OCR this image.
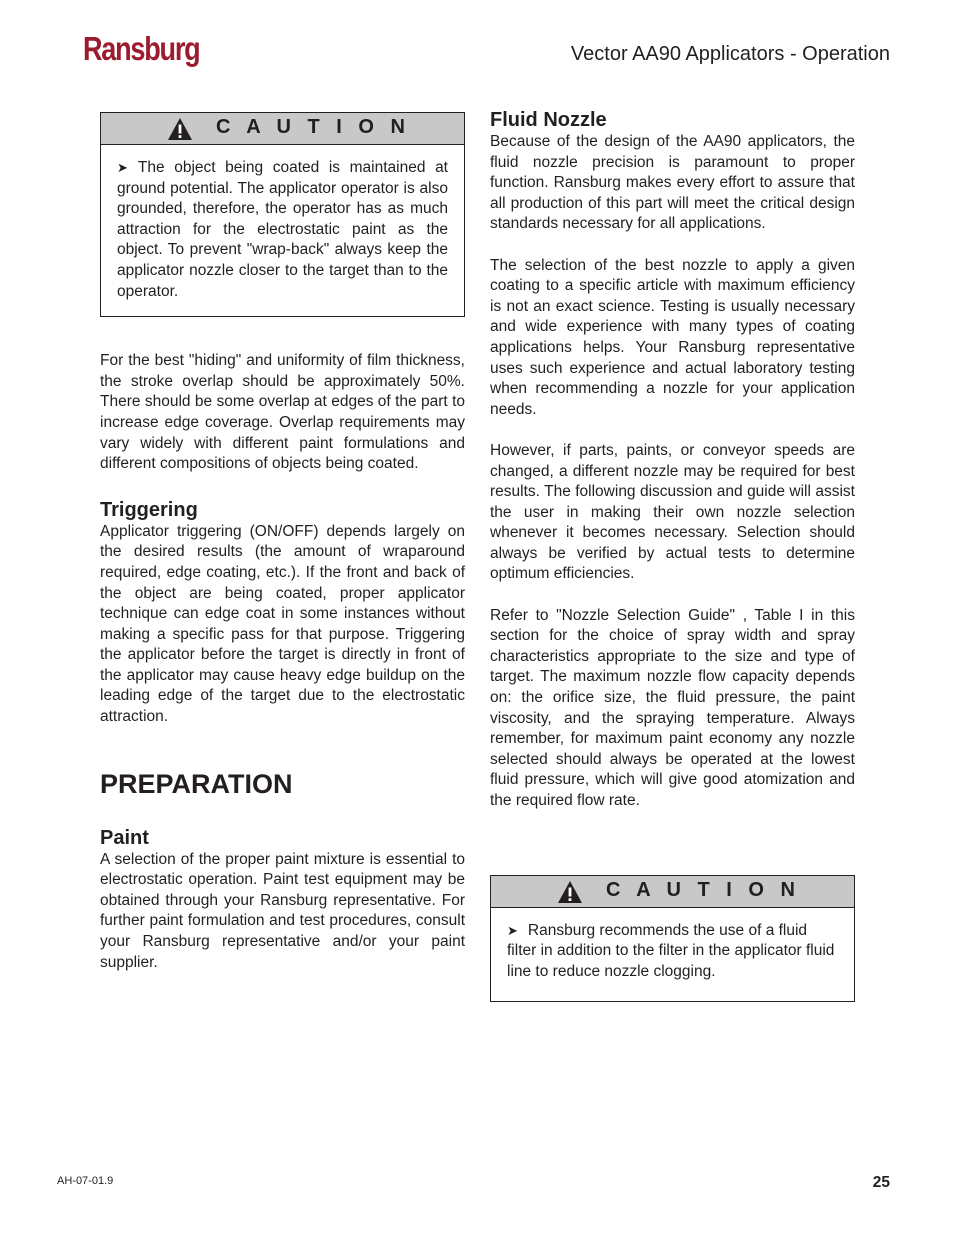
Ransburg	Vector AA90 Applicators - Operation
C A U T I O N

➤ The object being coated is maintained at ground potential. The applicator operator is also grounded, therefore, the operator has as much attraction for the electrostatic paint as the object. To prevent "wrap-back" always keep the applicator nozzle closer to the target than to the operator.

For the best "hiding" and uniformity of film thickness, the stroke overlap should be approximately 50%. There should be some overlap at edges of the part to increase edge coverage. Overlap requirements may vary widely with different paint formulations and different compositions of objects being coated.

Triggering

Applicator triggering (ON/OFF) depends largely on the desired results (the amount of wraparound required, edge coating, etc.). If the front and back of the object are being coated, proper applicator technique can edge coat in some instances without making a specific pass for that purpose. Triggering the applicator before the target is directly in front of the applicator may cause heavy edge buildup on the leading edge of the target due to the electrostatic attraction.

PREPARATION
Paint

A selection of the proper paint mixture is essential to electrostatic operation. Paint test equipment may be obtained through your Ransburg representative. For further paint formulation and test procedures, consult your Ransburg representative and/or your paint supplier.

Fluid Nozzle

Because of the design of the AA90 applicators, the fluid nozzle precision is paramount to proper function. Ransburg makes every effort to assure that all production of this part will meet the critical design standards necessary for all applications.

The selection of the best nozzle to apply a given coating to a specific article with maximum efficiency is not an exact science. Testing is usually necessary and wide experience with many types of coating applications helps. Your Ransburg representative uses such experience and actual laboratory testing when recommending a nozzle for your application needs.

However, if parts, paints, or conveyor speeds are changed, a different nozzle may be required for best results. The following discussion and guide will assist the user in making their own nozzle selection whenever it becomes necessary. Selection should always be verified by actual tests to determine optimum efficiencies.

Refer to "Nozzle Selection Guide" , Table I in this section for the choice of spray width and spray characteristics appropriate to the size and type of target. The maximum nozzle flow capacity depends on: the orifice size, the fluid pressure, the paint viscosity, and the spraying temperature. Always remember, for maximum paint economy any nozzle selected should always be operated at the lowest fluid pressure, which will give good atomization and the required flow rate.

C A U T I O N

➤ Ransburg recommends the use of a fluid filter in addition to the filter in the applicator fluid line to reduce nozzle clogging.

AH-07-01.9	25
